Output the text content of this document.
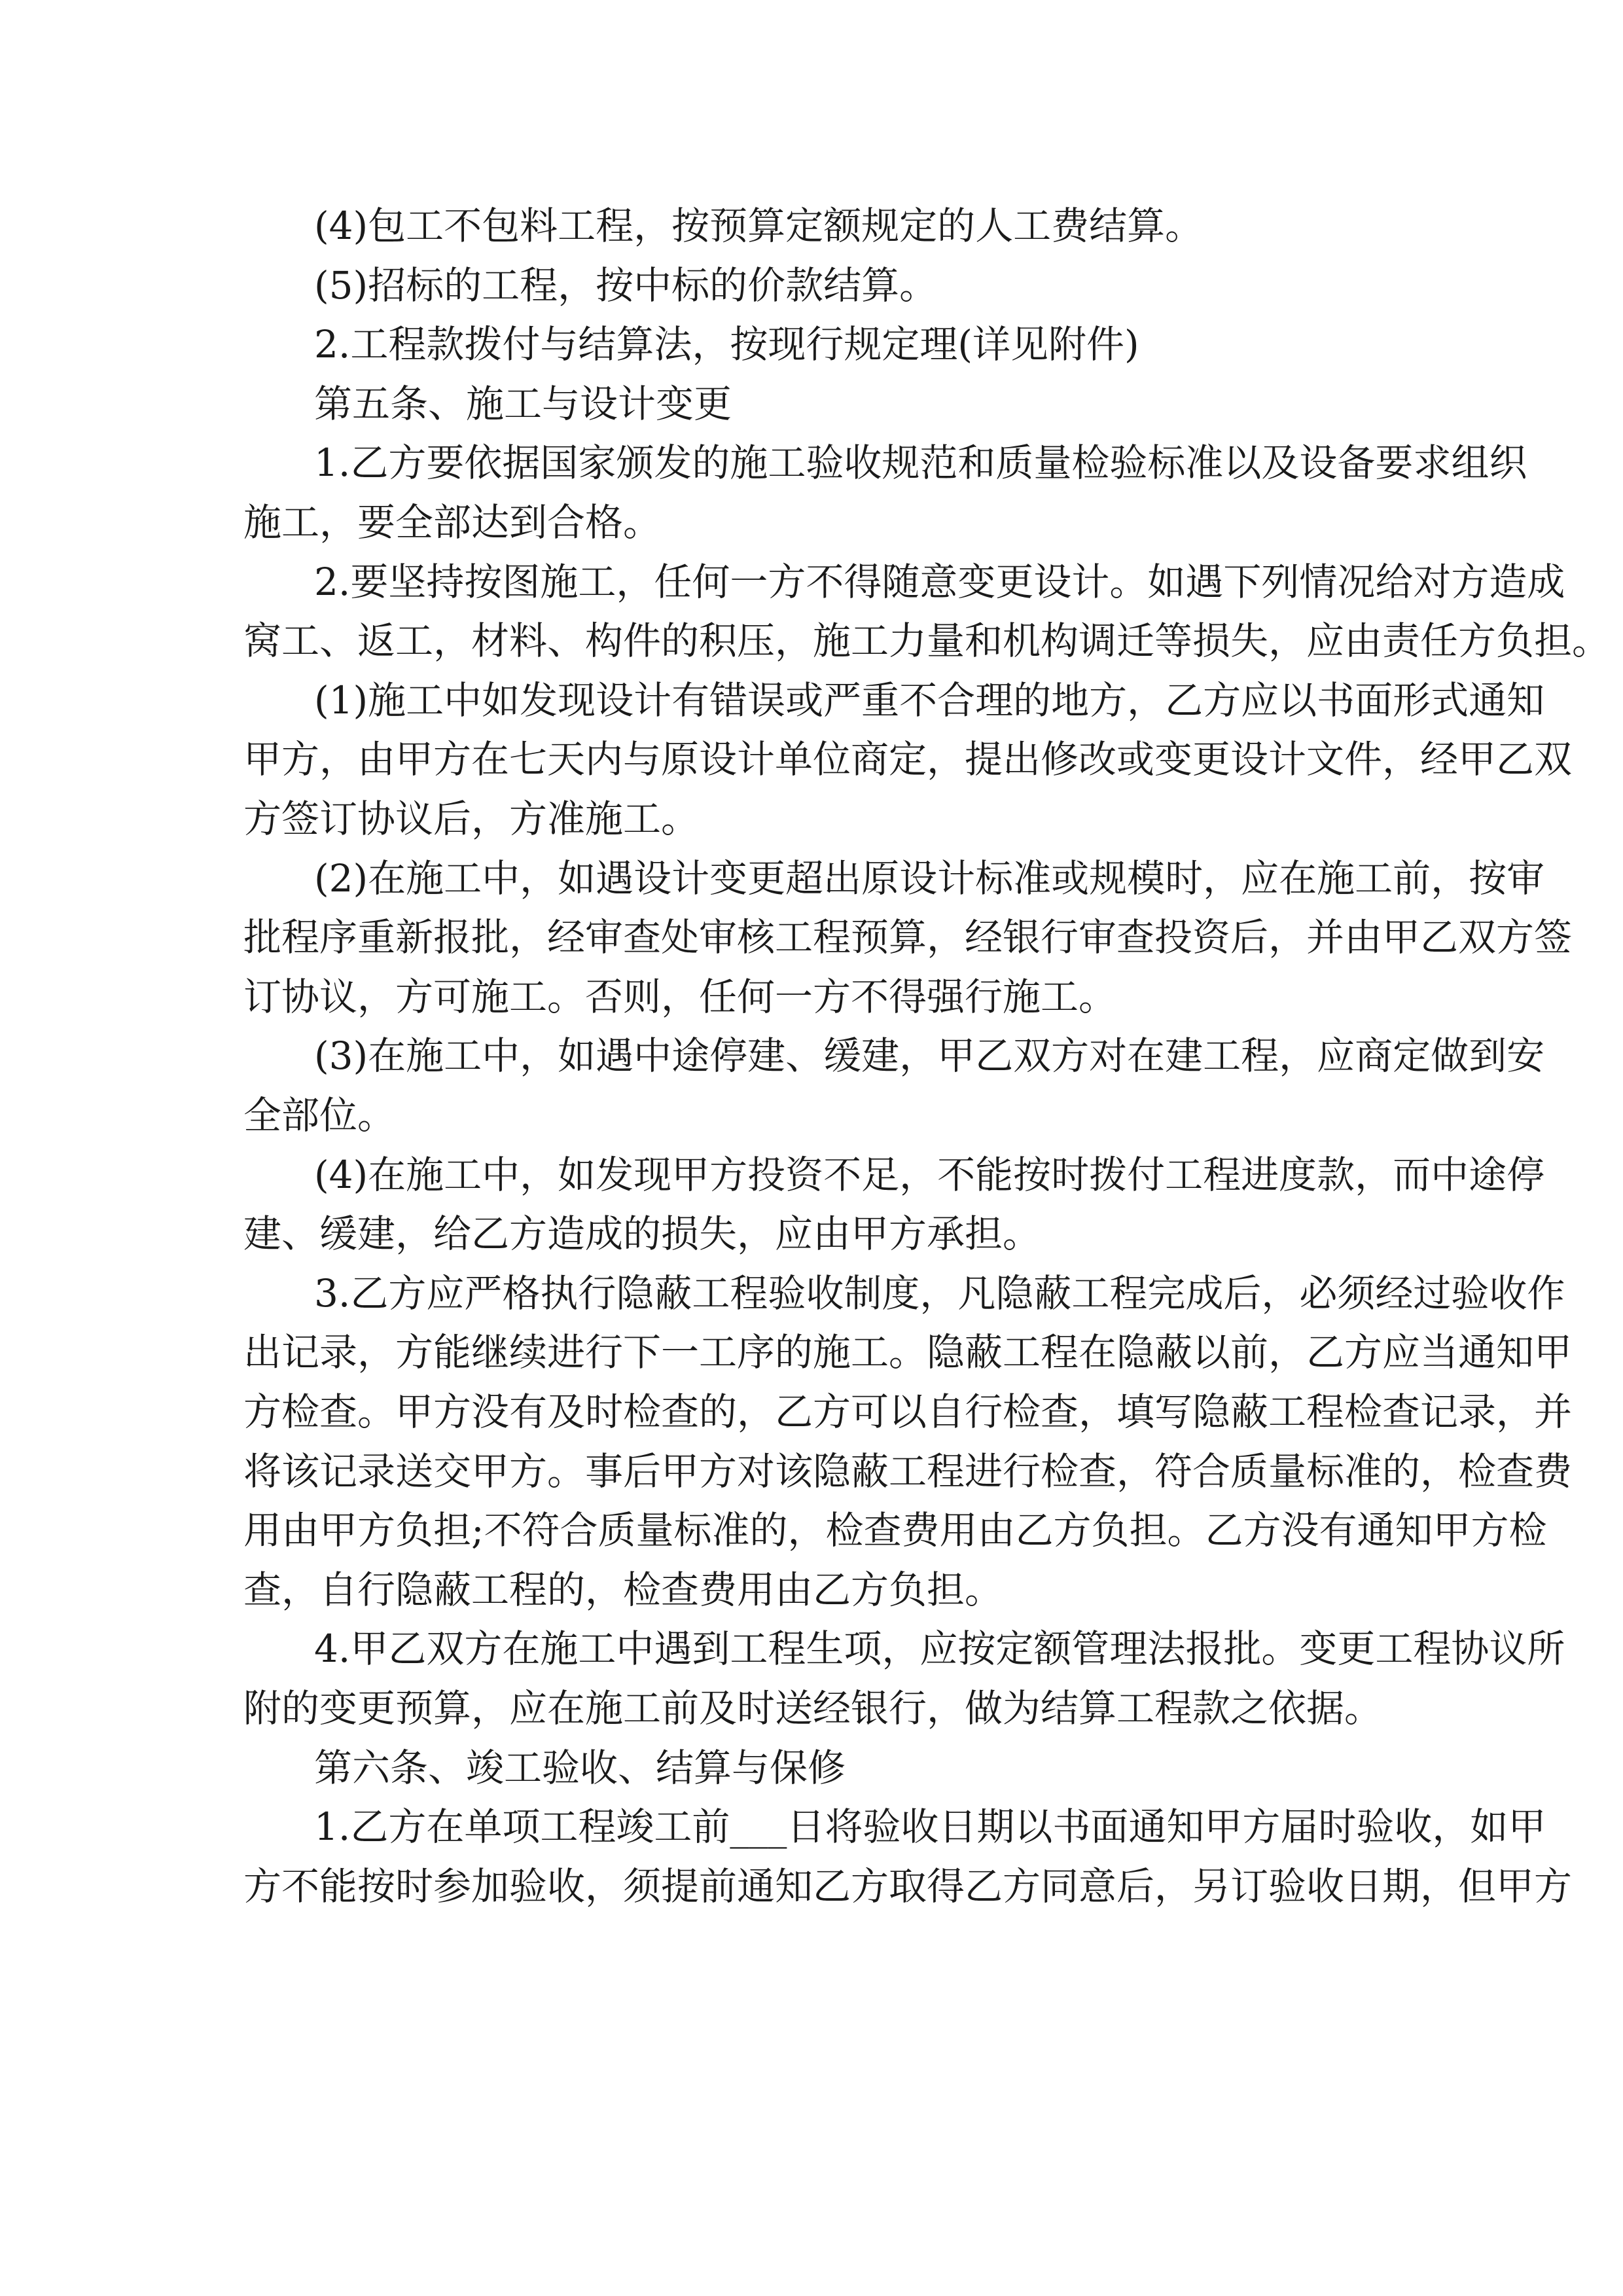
(4)包工不包料工程，按预算定额规定的人工费结算。
(5)招标的工程，按中标的价款结算。
2.工程款拨付与结算法，按现行规定理(详见附件)
第五条、施工与设计变更
1.乙方要依据国家颁发的施工验收规范和质量检验标准以及设备要求组织
施工，要全部达到合格。
2.要坚持按图施工，任何一方不得随意变更设计。如遇下列情况给对方造成
窝工、返工，材料、构件的积压，施工力量和机构调迁等损失，应由责任方负担。
(1)施工中如发现设计有错误或严重不合理的地方，乙方应以书面形式通知
甲方，由甲方在七天内与原设计单位商定，提出修改或变更设计文件，经甲乙双
方签订协议后，方准施工。
(2)在施工中，如遇设计变更超出原设计标准或规模时，应在施工前，按审
批程序重新报批，经审查处审核工程预算，经银行审查投资后，并由甲乙双方签
订协议，方可施工。否则，任何一方不得强行施工。
(3)在施工中，如遇中途停建、缓建，甲乙双方对在建工程，应商定做到安
全部位。
(4)在施工中，如发现甲方投资不足，不能按时拨付工程进度款，而中途停
建、缓建，给乙方造成的损失，应由甲方承担。
3.乙方应严格执行隐蔽工程验收制度，凡隐蔽工程完成后，必须经过验收作
出记录，方能继续进行下一工序的施工。隐蔽工程在隐蔽以前，乙方应当通知甲
方检查。甲方没有及时检查的，乙方可以自行检查，填写隐蔽工程检查记录，并
将该记录送交甲方。事后甲方对该隐蔽工程进行检查，符合质量标准的，检查费
用由甲方负担;不符合质量标准的，检查费用由乙方负担。乙方没有通知甲方检
查，自行隐蔽工程的，检查费用由乙方负担。
4.甲乙双方在施工中遇到工程生项，应按定额管理法报批。变更工程协议所
附的变更预算，应在施工前及时送经银行，做为结算工程款之依据。
第六条、竣工验收、结算与保修
1.乙方在单项工程竣工前___日将验收日期以书面通知甲方届时验收，如甲
方不能按时参加验收，须提前通知乙方取得乙方同意后，另订验收日期，但甲方
